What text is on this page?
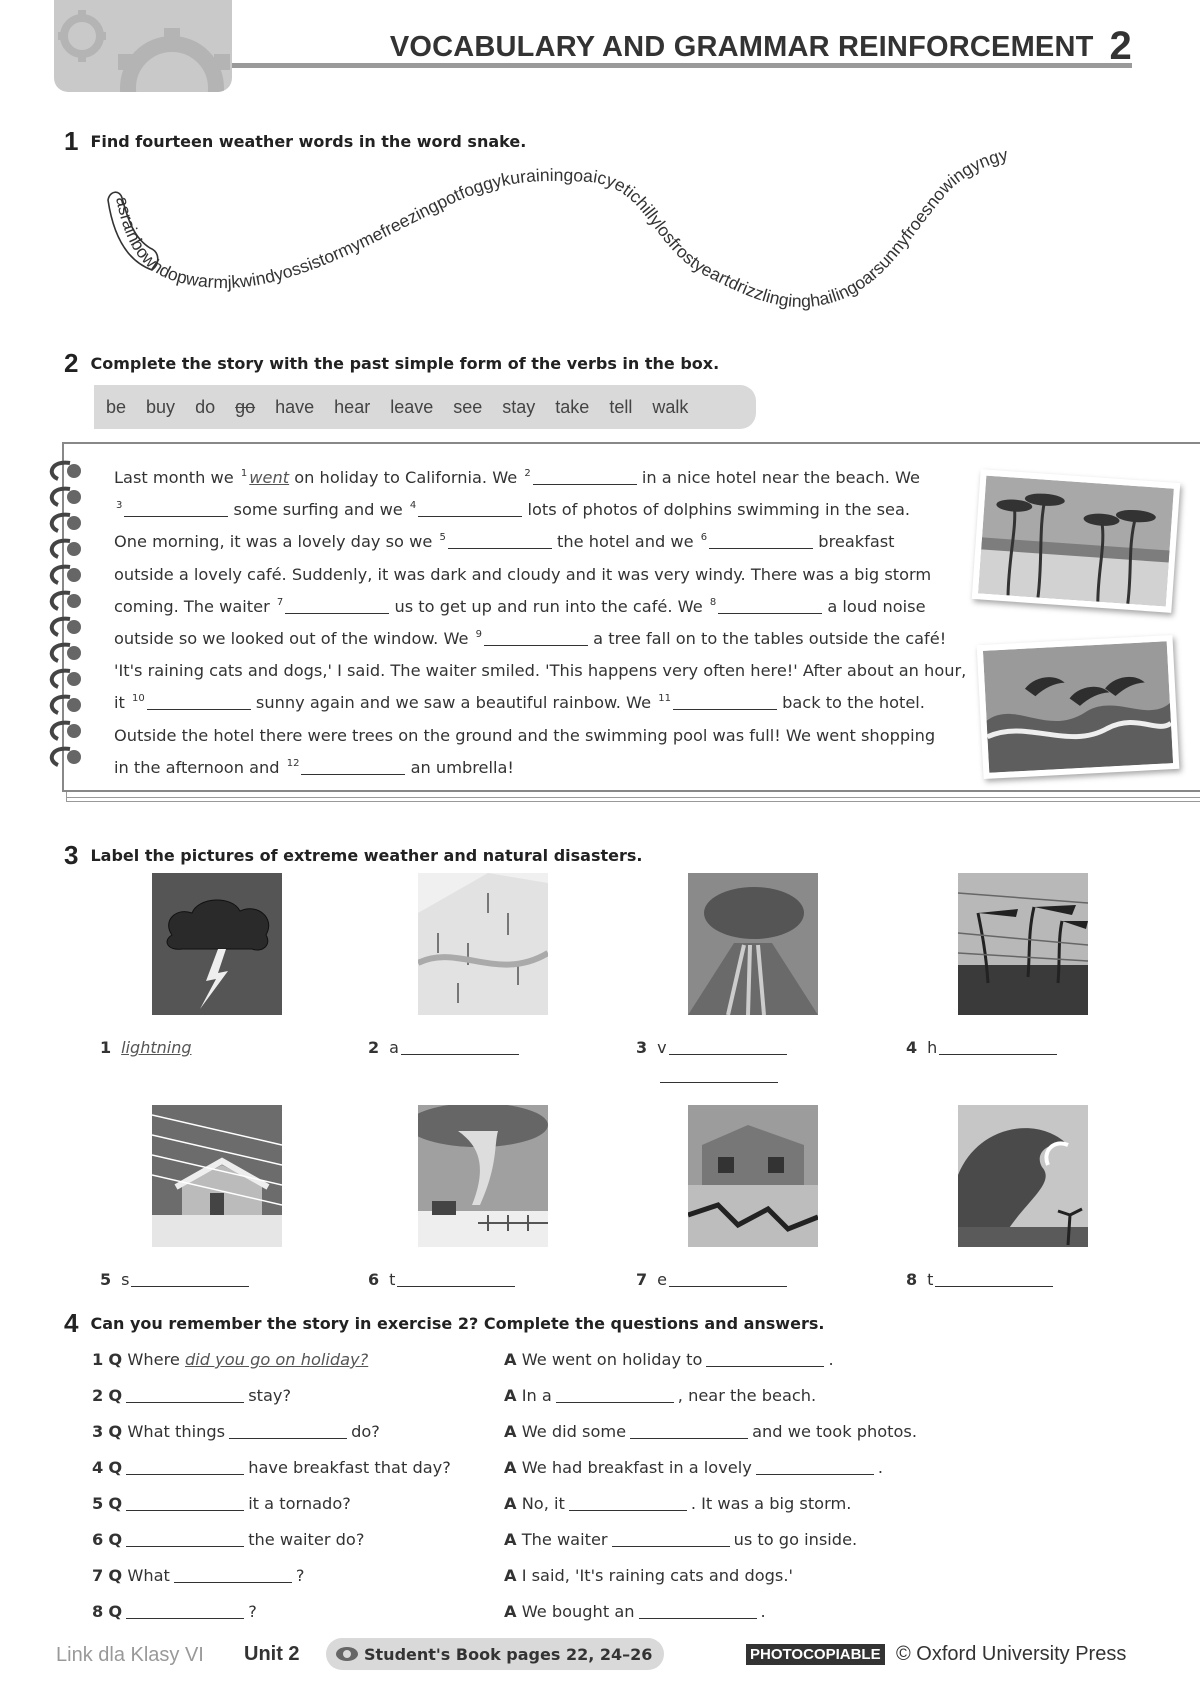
VOCABULARY AND GRAMMAR REINFORCEMENT 2
1 Find fourteen weather words in the word snake.
asrainbowhdopwarmjkwindyossistormymefreezingpotfoggykurainingoaicyetichillylosfrostyeartdrizzlinginghailingoarsunnyfroesnowingyngy
2 Complete the story with the past simple form of the verbs in the box.
be buy do go have hear leave see stay take tell walk
Last month we $^1$ went on holiday to California. We $^2$	in a nice hotel near the beach. We
$^3$	some surfing and we $^4$	lots of photos of dolphins swimming in the sea.
One morning, it was a lovely day so we $^5$	the hotel and we $^6$	breakfast
outside a lovely café. Suddenly, it was dark and cloudy and it was very windy. There was a big storm
coming. The waiter $^7$	us to get up and run into the café. We $^8$	a loud noise
outside so we looked out of the window. We $^9$	a tree fall on to the tables outside the café!
'It's raining cats and dogs,' I said. The waiter smiled. 'This happens very often here!' After about an hour,
it $^{10}$	sunny again and we saw a beautiful rainbow. We $^{11}$	back to the hotel.
Outside the hotel there were trees on the ground and the swimming pool was full! We went shopping
in the afternoon and $^{12}$	an umbrella!
3 Label the pictures of extreme weather and natural disasters.
1 lightning	2 a	3 v	4 h
5 s	6 t	7 e	8 t
4 Can you remember the story in exercise 2? Complete the questions and answers.
1 Q Where did you go on holiday?	A We went on holiday to	.
2 Q	stay?	A In a	, near the beach.
3 Q What things	do?	A We did some	and we took photos.
4 Q	have breakfast that day?	A We had breakfast in a lovely	.
5 Q	it a tornado?	A No, it	. It was a big storm.
6 Q	the waiter do?	A The waiter	us to go inside.
7 Q What	?	A I said, 'It's raining cats and dogs.'
8 Q	?	A We bought an	.
Link dla Klasy VI Unit 2	Student's Book pages 22, 24–26	PHOTOCOPIABLE © Oxford University Press
